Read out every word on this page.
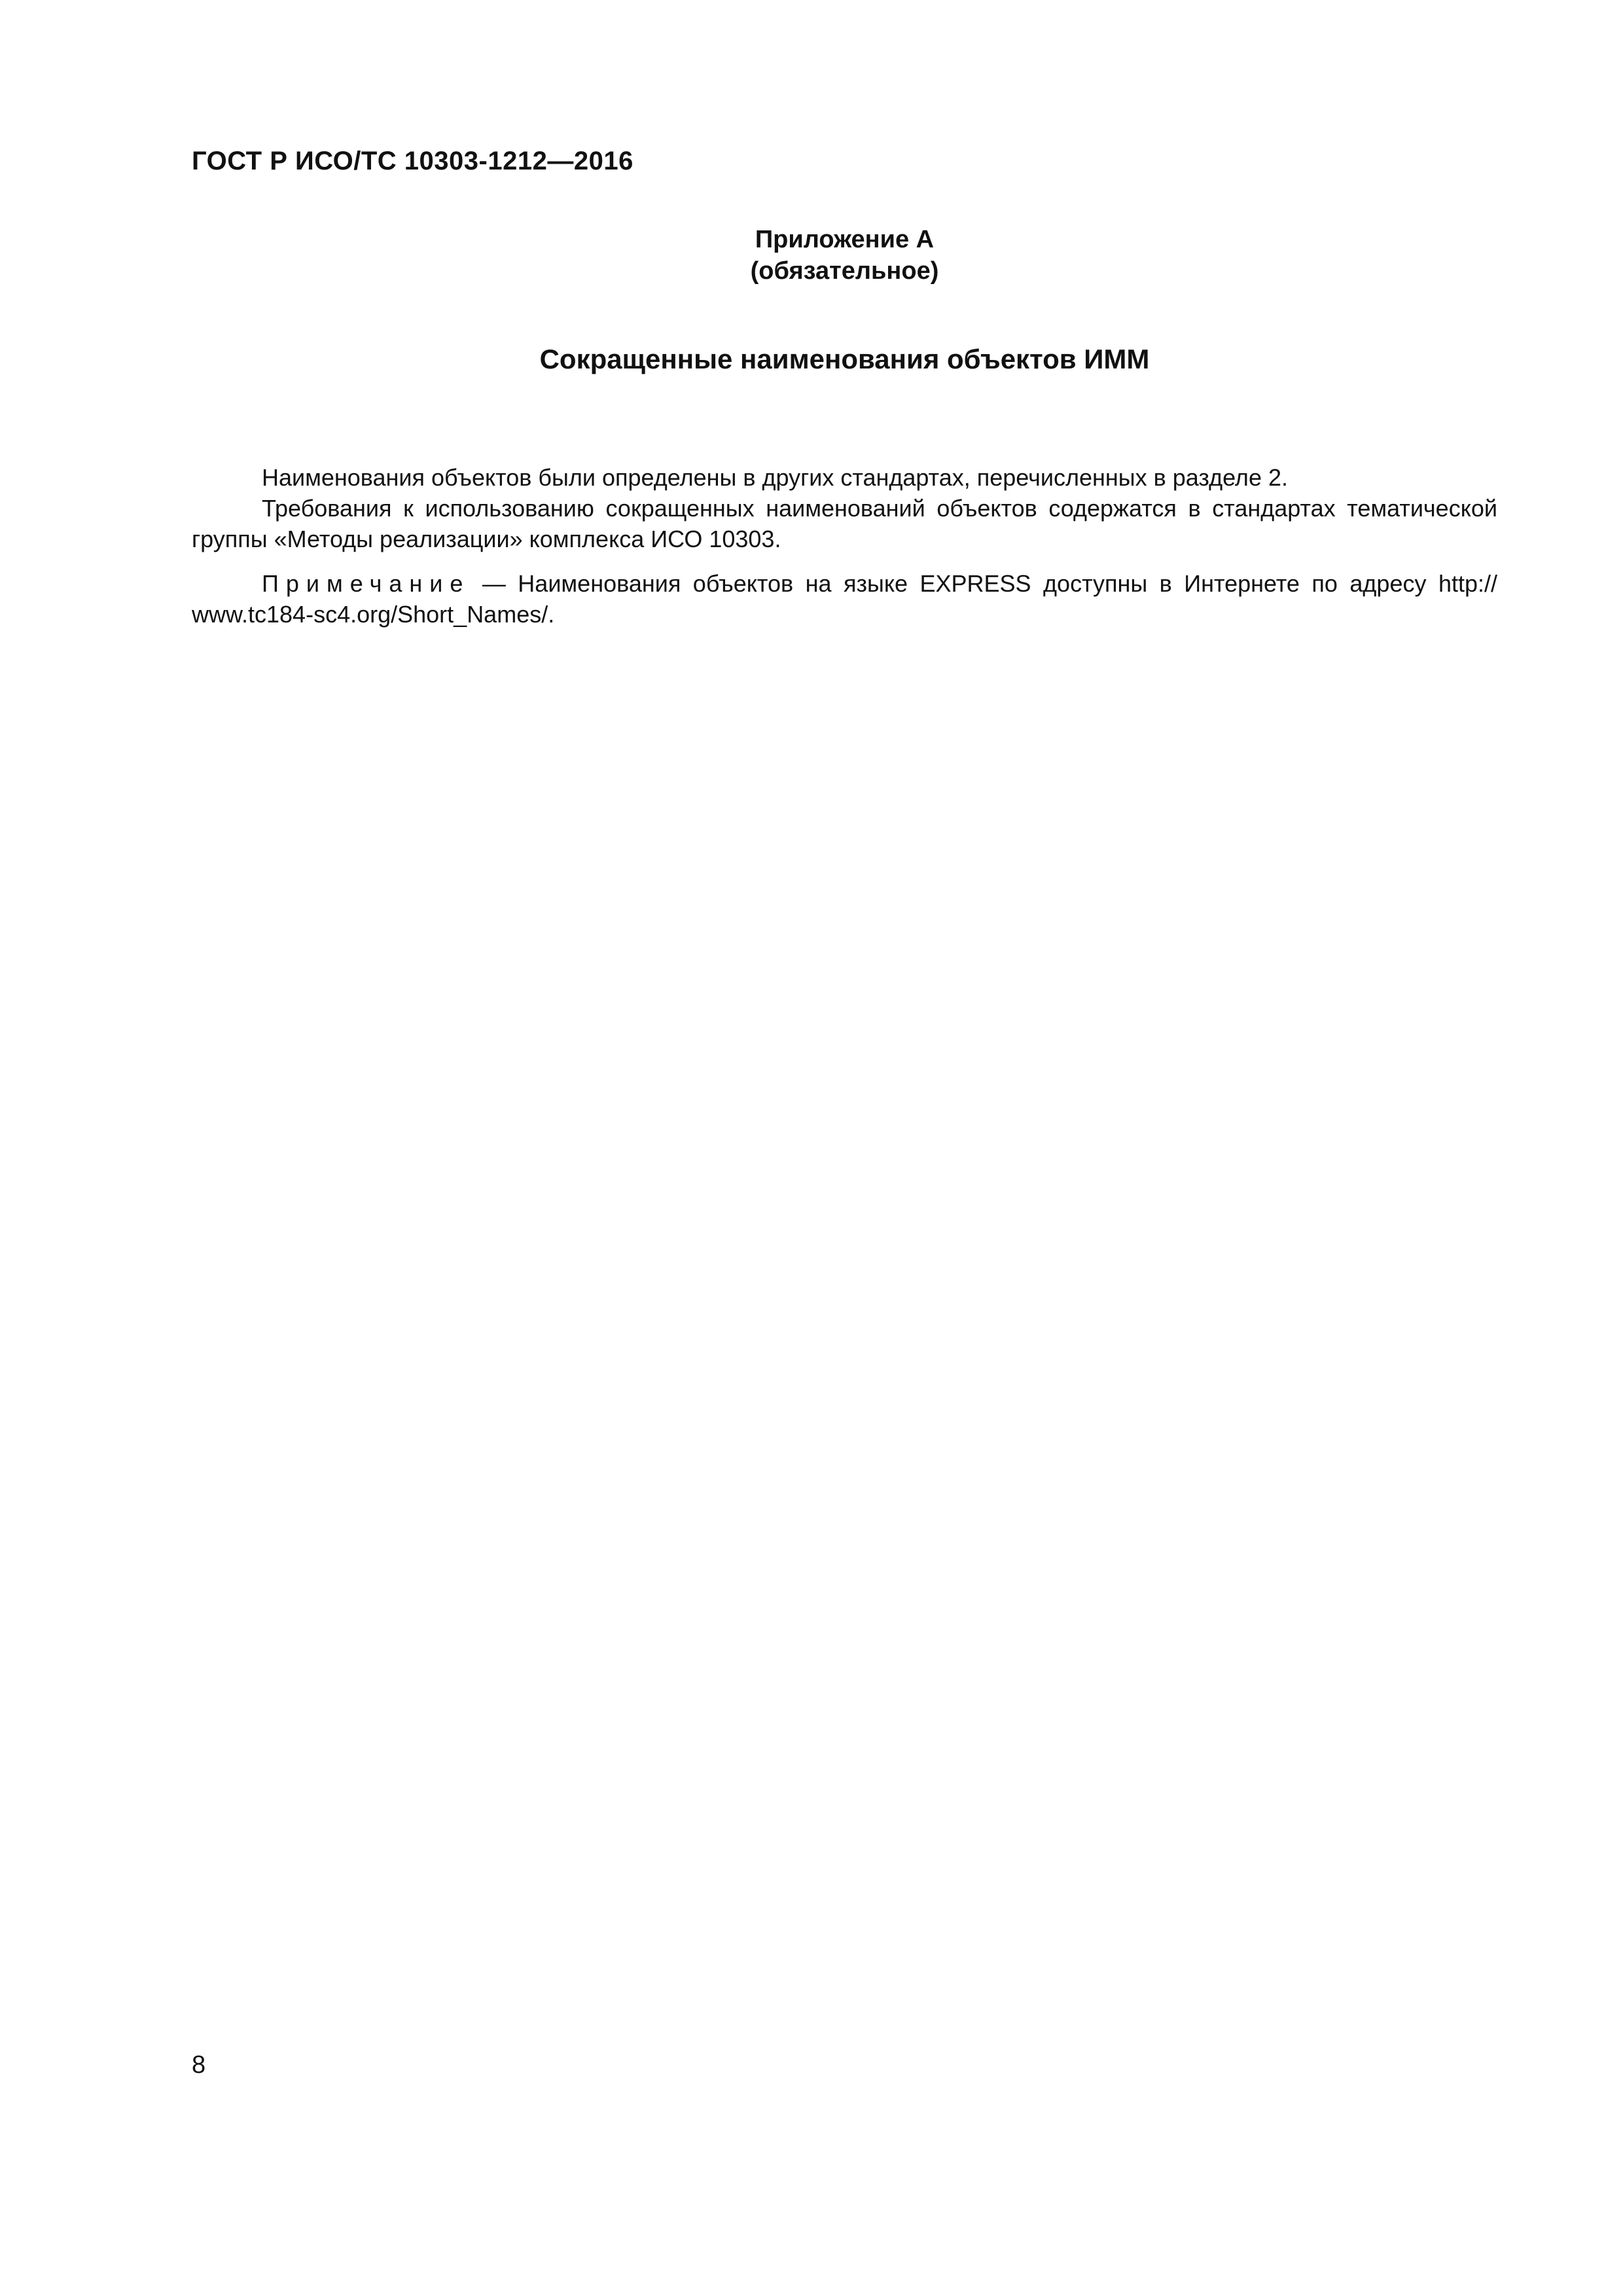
ГОСТ Р ИСО/ТС 10303-1212—2016
Приложение А
(обязательное)
Сокращенные наименования объектов ИММ

Наименования объектов были определены в других стандартах, перечисленных в разделе 2.

Требования к использованию сокращенных наименований объектов содержатся в стандартах тематической группы «Методы реализации» комплекса ИСО 10303.

Примечание — Наименования объектов на языке EXPRESS доступны в Интернете по адресу http:// www.tc184-sc4.org/Short_Names/.

8
